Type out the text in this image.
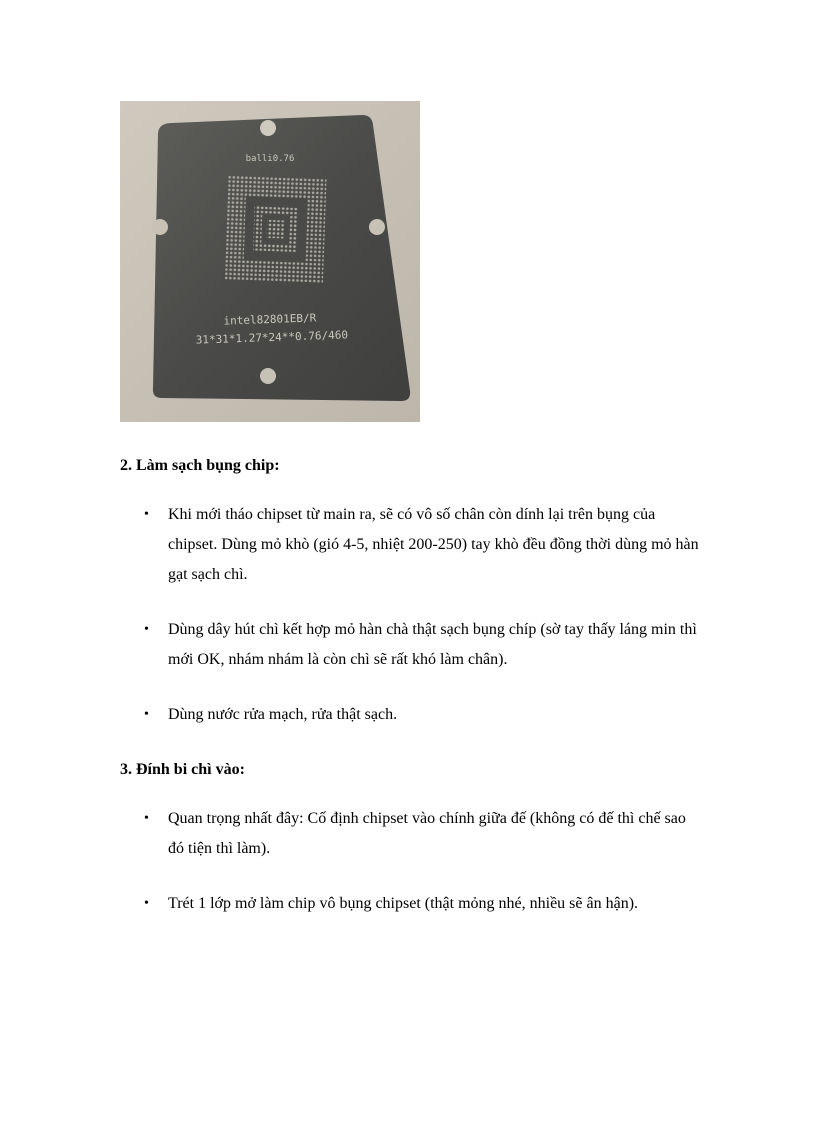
balli0.76
intel82801EB/R
31*31*1.27*24**0.76/460
2. Làm sạch bụng chip:
• Khi mới tháo chipset từ main ra, sẽ có vô số chân còn dính lại trên bụng của chipset. Dùng mỏ khò (gió 4-5, nhiệt 200-250) tay khò đều đồng thời dùng mỏ hàn gạt sạch chì.
• Dùng dây hút chì kết hợp mỏ hàn chà thật sạch bụng chíp (sờ tay thấy láng min thì mới OK, nhám nhám là còn chì sẽ rất khó làm chân).
• Dùng nước rửa mạch, rửa thật sạch.
3. Đính bi chì vào:
• Quan trọng nhất đây: Cố định chipset vào chính giữa đế (không có đế thì chế sao đó tiện thì làm).
• Trét 1 lớp mở làm chip vô bụng chipset (thật mỏng nhé, nhiều sẽ ân hận).
